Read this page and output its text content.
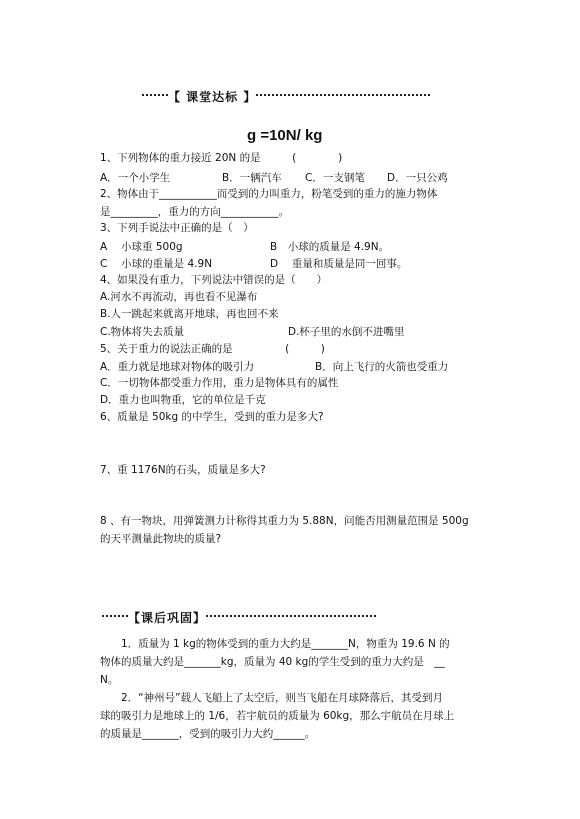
【 课堂达标 】
g =10N/ kg
1、下列物体的重力接近 20N 的是　　　(　　　　)
A．一个小学生	B．一辆汽车 C．一支钢笔 D．一只公鸡
2、物体由于___________而受到的力叫重力，粉笔受到的重力的施力物体
是_________，重力的方向___________。
3、下列手说法中正确的是（　）
A　 小球重 500g	B　小球的质量是 4.9N。
C　 小球的重量是 4.9N	D　 重量和质量是同一回事。
4、如果没有重力，下列说法中错误的是（　　）
A.河水不再流动，再也看不见瀑布
B.人一跳起来就离开地球，再也回不来
C.物体将失去质量	D.杯子里的水倒不进嘴里
5、关于重力的说法正确的是　　　　　(　　　)
A．重力就是地球对物体的吸引力	B．向上飞行的火箭也受重力
C．一切物体都受重力作用，重力是物体具有的属性
D．重力也叫物重，它的单位是千克
6、质量是 50kg 的中学生，受到的重力是多大?
7、重 1176N的石头，质量是多大?
8 、有一物块，用弹簧测力计称得其重力为 5.88N，问能否用测量范围是 500g
的天平测量此物块的质量?
【课后巩固】
1．质量为 1 kg的物体受到的重力大约是_______N，物重为 19.6 N 的
物体的质量大约是_______kg，质量为 40 kg的学生受到的重力大约是　__
N。
2．“神州号”载人飞船上了太空后，则当飞船在月球降落后，其受到月
球的吸引力是地球上的 1/6，若宇航员的质量为 60kg，那么宇航员在月球上
的质量是_______，受到的吸引力大约______。
